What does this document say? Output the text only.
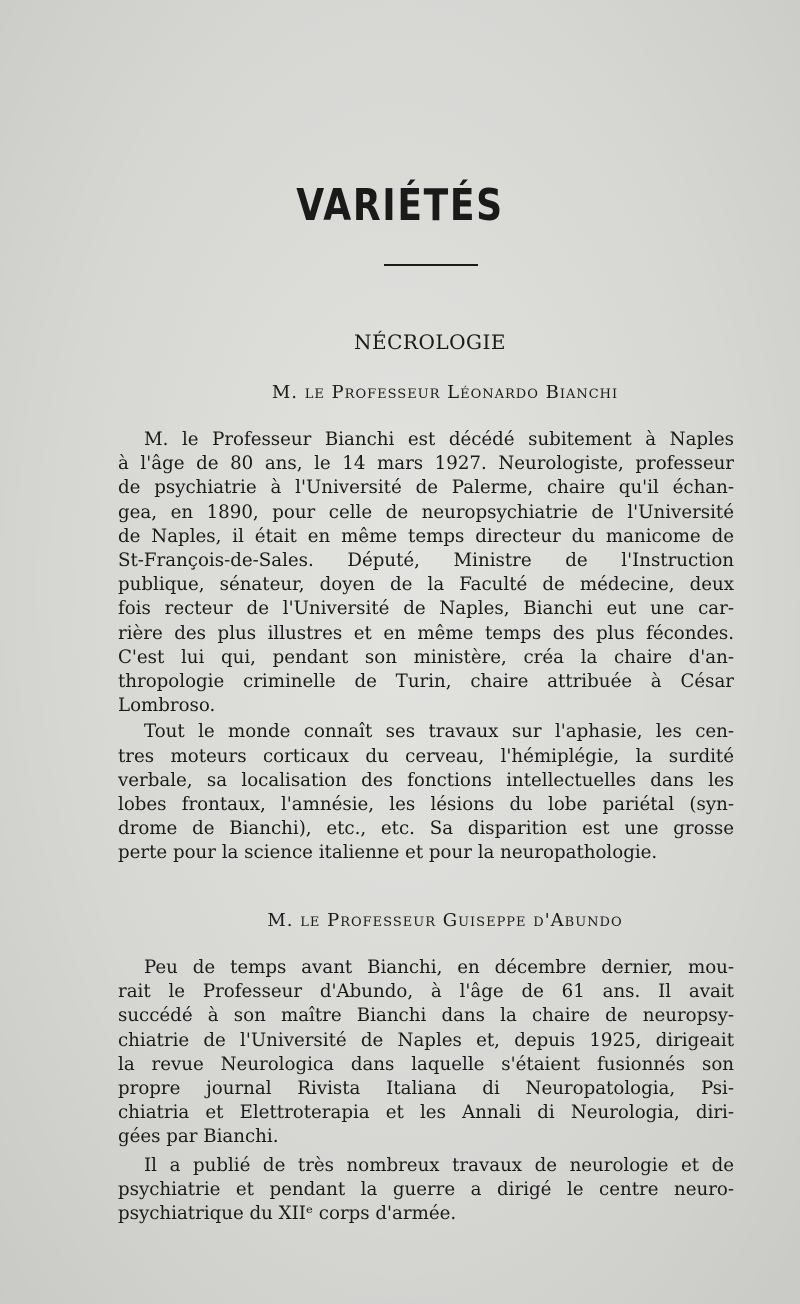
VARIÉTÉS
NÉCROLOGIE
M. le Professeur Léonardo Bianchi

M. le Professeur Bianchi est décédé subitement à Naples
à l'âge de 80 ans, le 14 mars 1927. Neurologiste, professeur
de psychiatrie à l'Université de Palerme, chaire qu'il échan-
gea, en 1890, pour celle de neuropsychiatrie de l'Université
de Naples, il était en même temps directeur du manicome de
St-François-de-Sales. Député, Ministre de l'Instruction
publique, sénateur, doyen de la Faculté de médecine, deux
fois recteur de l'Université de Naples, Bianchi eut une car-
rière des plus illustres et en même temps des plus fécondes.
C'est lui qui, pendant son ministère, créa la chaire d'an-
thropologie criminelle de Turin, chaire attribuée à César
Lombroso.

Tout le monde connaît ses travaux sur l'aphasie, les cen-
tres moteurs corticaux du cerveau, l'hémiplégie, la surdité
verbale, sa localisation des fonctions intellectuelles dans les
lobes frontaux, l'amnésie, les lésions du lobe pariétal (syn-
drome de Bianchi), etc., etc. Sa disparition est une grosse
perte pour la science italienne et pour la neuropathologie.

M. le Professeur Guiseppe d'Abundo

Peu de temps avant Bianchi, en décembre dernier, mou-
rait le Professeur d'Abundo, à l'âge de 61 ans. Il avait
succédé à son maître Bianchi dans la chaire de neuropsy-
chiatrie de l'Université de Naples et, depuis 1925, dirigeait
la revue Neurologica dans laquelle s'étaient fusionnés son
propre journal Rivista Italiana di Neuropatologia, Psi-
chiatria et Elettroterapia et les Annali di Neurologia, diri-
gées par Bianchi.

Il a publié de très nombreux travaux de neurologie et de
psychiatrie et pendant la guerre a dirigé le centre neuro-
psychiatrique du XIIᵉ corps d'armée.
